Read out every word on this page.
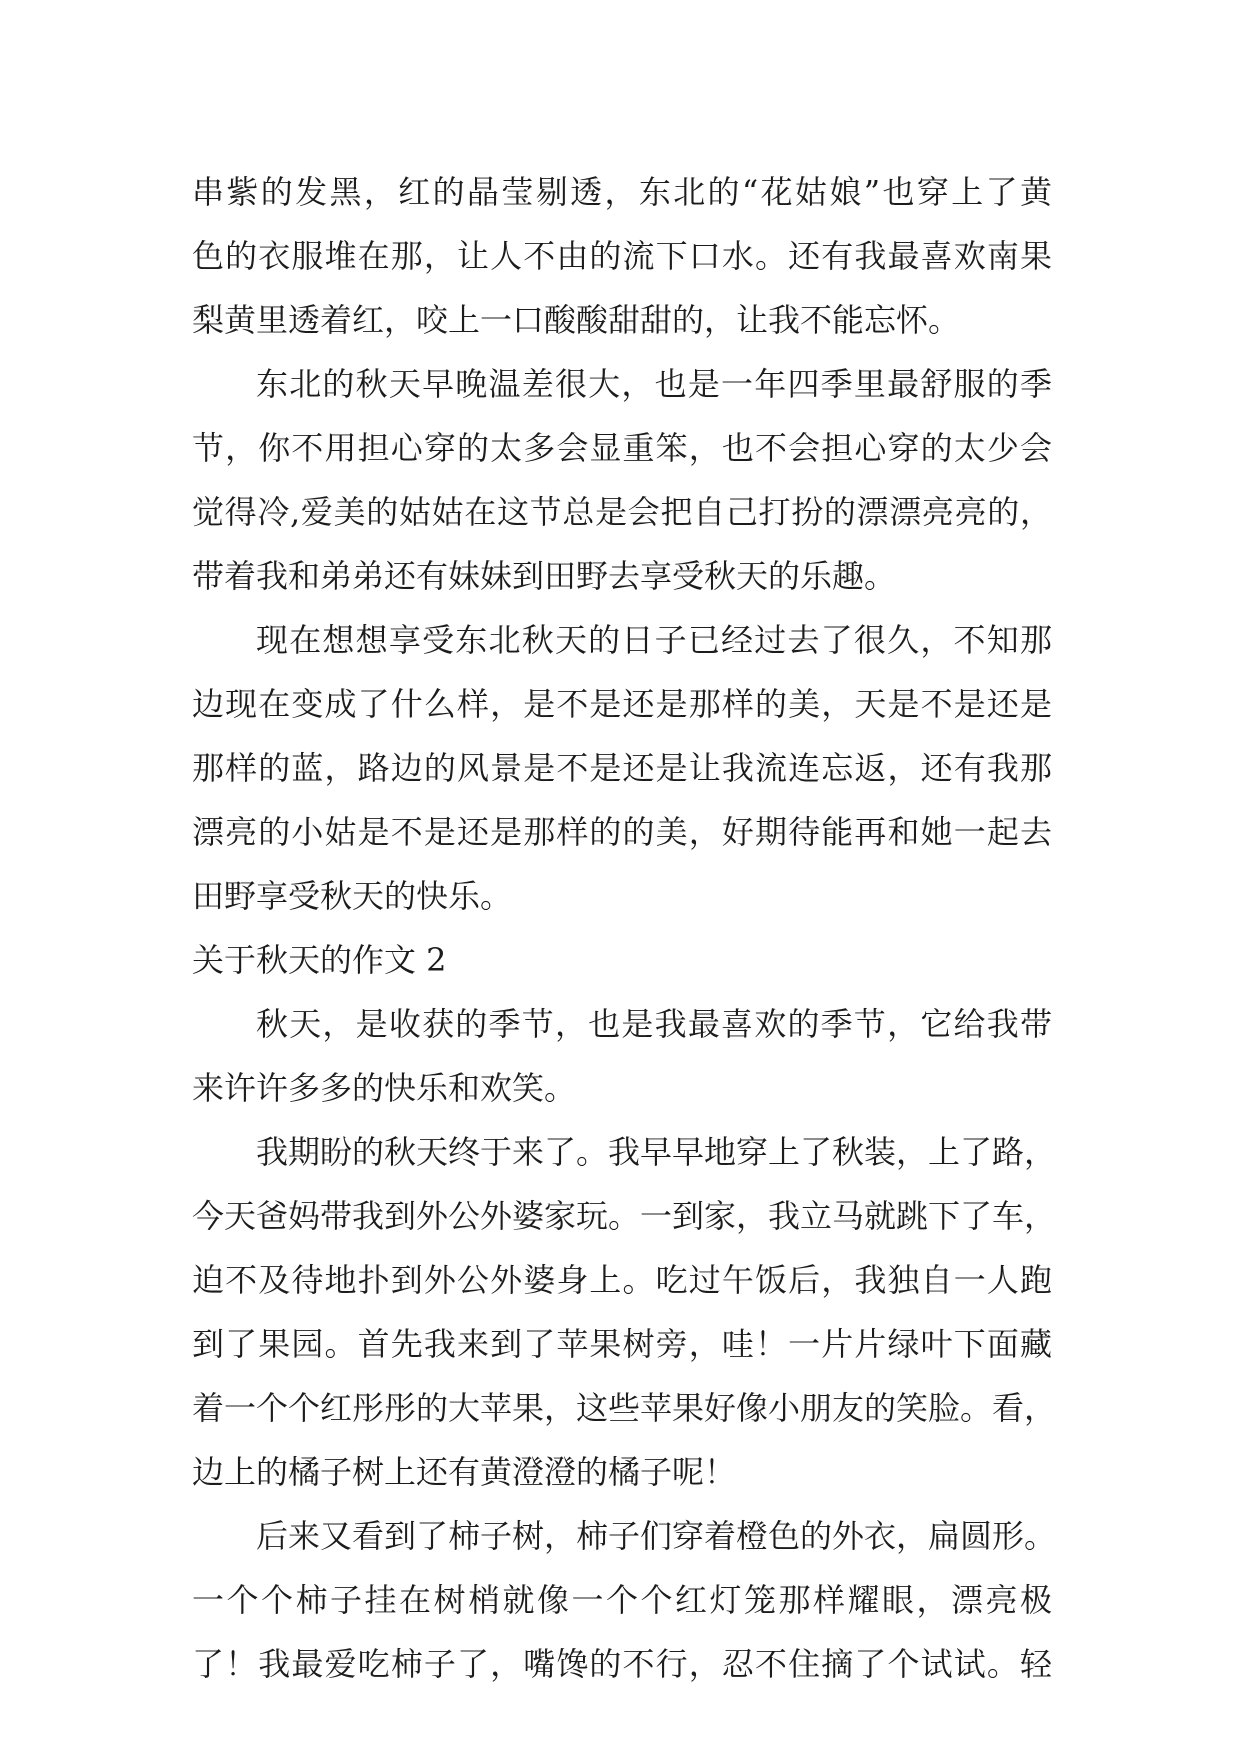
串紫的发黑，红的晶莹剔透，东北的“花姑娘”也穿上了黄
色的衣服堆在那，让人不由的流下口水。还有我最喜欢南果
梨黄里透着红，咬上一口酸酸甜甜的，让我不能忘怀。
东北的秋天早晚温差很大，也是一年四季里最舒服的季
节，你不用担心穿的太多会显重笨，也不会担心穿的太少会
觉得冷,爱美的姑姑在这节总是会把自己打扮的漂漂亮亮的，
带着我和弟弟还有妹妹到田野去享受秋天的乐趣。
现在想想享受东北秋天的日子已经过去了很久，不知那
边现在变成了什么样，是不是还是那样的美，天是不是还是
那样的蓝，路边的风景是不是还是让我流连忘返，还有我那
漂亮的小姑是不是还是那样的的美，好期待能再和她一起去
田野享受秋天的快乐。
关于秋天的作文 2
秋天，是收获的季节，也是我最喜欢的季节，它给我带
来许许多多的快乐和欢笑。
我期盼的秋天终于来了。我早早地穿上了秋装，上了路，
今天爸妈带我到外公外婆家玩。一到家，我立马就跳下了车，
迫不及待地扑到外公外婆身上。吃过午饭后，我独自一人跑
到了果园。首先我来到了苹果树旁，哇！一片片绿叶下面藏
着一个个红彤彤的大苹果，这些苹果好像小朋友的笑脸。看，
边上的橘子树上还有黄澄澄的橘子呢！
后来又看到了柿子树，柿子们穿着橙色的外衣，扁圆形。
一个个柿子挂在树梢就像一个个红灯笼那样耀眼，漂亮极
了！我最爱吃柿子了，嘴馋的不行，忍不住摘了个试试。轻
